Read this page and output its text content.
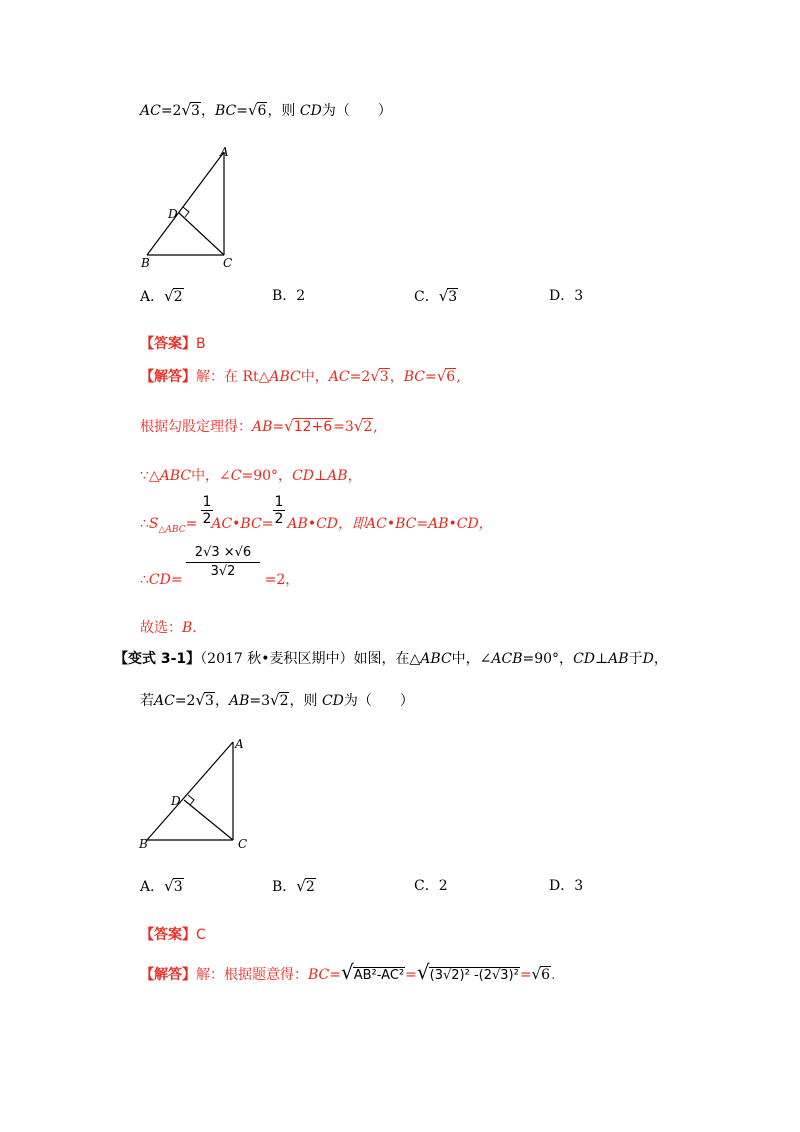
AC=2√3，BC=√6，则 CD为（　　）
A
D
B	C
A．√2	B．2	C．√3	D．3
【答案】B
【解答】解：在 Rt△ABC中，AC=2√3，BC=√6,
根据勾股定理得：AB=√12+6=3√2,
∵△ABC中，∠C=90°，CD⊥AB，
$\therefore S_{\triangle ABC}=$ AC•BC= AB•CD，即AC•BC=AB•CD，
1
2
1
2
∴CD=	=2，
2√3 ×√6
3√2
故选：B.
【变式 3-1】（2017 秋•麦积区期中）如图，在△ABC中，∠ACB=90°，CD⊥AB于D，
若AC=2√3，AB=3√2，则 CD为（　　）
A
D
B	C
A．√3	B．√2	C．2	D．3
【答案】C
【解答】解：根据题意得：BC=√AB²-AC²=√(3√2)² -(2√3)²=√6.
